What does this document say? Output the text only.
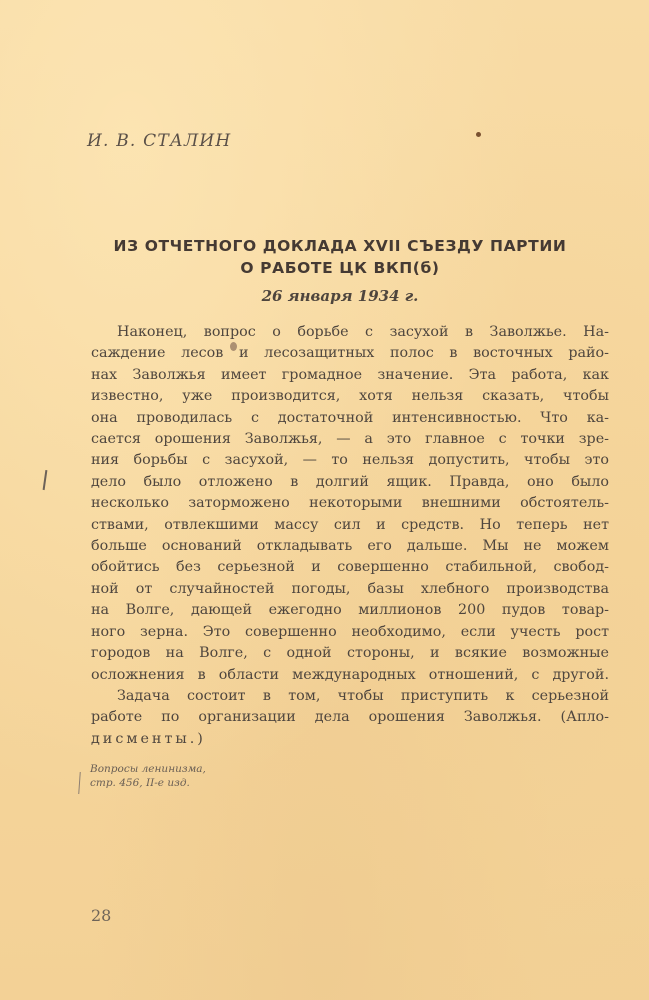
И. В. СТАЛИН
ИЗ ОТЧЕТНОГО ДОКЛАДА XVII СЪЕЗДУ ПАРТИИ
О РАБОТЕ ЦК ВКП(б)
26 января 1934 г.
Наконец, вопрос о борьбе с засухой в Заволжье. На-
саждение лесов и лесозащитных полос в восточных райо-
нах Заволжья имеет громадное значение. Эта работа, как
известно, уже производится, хотя нельзя сказать, чтобы
она проводилась с достаточной интенсивностью. Что ка-
сается орошения Заволжья, — а это главное с точки зре-
ния борьбы с засухой, — то нельзя допустить, чтобы это
дело было отложено в долгий ящик. Правда, оно было
несколько заторможено некоторыми внешними обстоятель-
ствами, отвлекшими массу сил и средств. Но теперь нет
больше оснований откладывать его дальше. Мы не можем
обойтись без серьезной и совершенно стабильной, свобод-
ной от случайностей погоды, базы хлебного производства
на Волге, дающей ежегодно миллионов 200 пудов товар-
ного зерна. Это совершенно необходимо, если учесть рост
городов на Волге, с одной стороны, и всякие возможные
осложнения в области международных отношений, с другой.
Задача состоит в том, чтобы приступить к серьезной
работе по организации дела орошения Заволжья. (Апло-
дисменты.)
Вопросы ленинизма,
стр. 456, II-е изд.
28
